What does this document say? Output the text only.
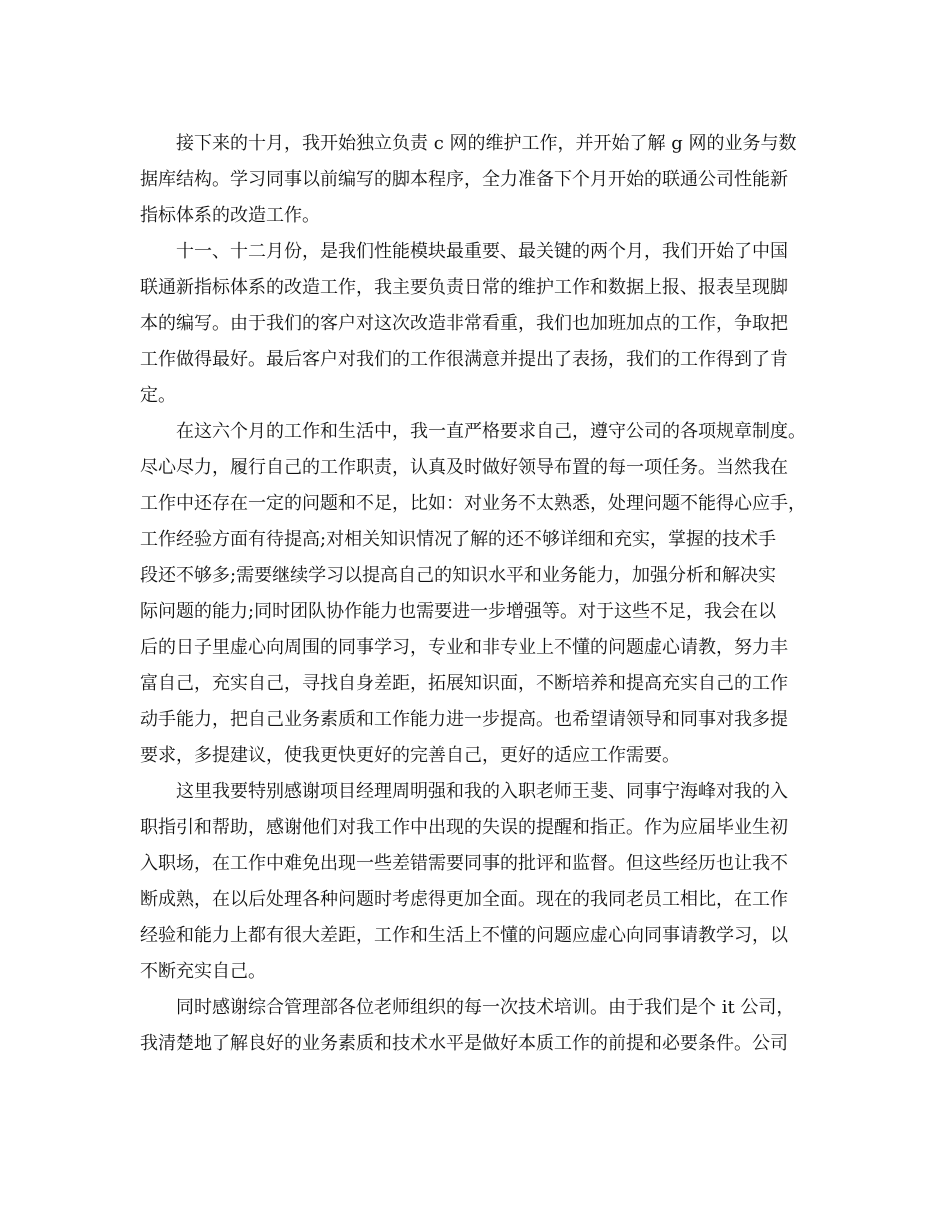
接下来的十月，我开始独立负责 c 网的维护工作，并开始了解 g 网的业务与数
据库结构。学习同事以前编写的脚本程序，全力准备下个月开始的联通公司性能新
指标体系的改造工作。

十一、十二月份，是我们性能模块最重要、最关键的两个月，我们开始了中国
联通新指标体系的改造工作，我主要负责日常的维护工作和数据上报、报表呈现脚
本的编写。由于我们的客户对这次改造非常看重，我们也加班加点的工作，争取把
工作做得最好。最后客户对我们的工作很满意并提出了表扬，我们的工作得到了肯
定。

在这六个月的工作和生活中，我一直严格要求自己，遵守公司的各项规章制度。
尽心尽力，履行自己的工作职责，认真及时做好领导布置的每一项任务。当然我在
工作中还存在一定的问题和不足，比如：对业务不太熟悉，处理问题不能得心应手，
工作经验方面有待提高;对相关知识情况了解的还不够详细和充实，掌握的技术手
段还不够多;需要继续学习以提高自己的知识水平和业务能力，加强分析和解决实
际问题的能力;同时团队协作能力也需要进一步增强等。对于这些不足，我会在以
后的日子里虚心向周围的同事学习，专业和非专业上不懂的问题虚心请教，努力丰
富自己，充实自己，寻找自身差距，拓展知识面，不断培养和提高充实自己的工作
动手能力，把自己业务素质和工作能力进一步提高。也希望请领导和同事对我多提
要求，多提建议，使我更快更好的完善自己，更好的适应工作需要。

这里我要特别感谢项目经理周明强和我的入职老师王斐、同事宁海峰对我的入
职指引和帮助，感谢他们对我工作中出现的失误的提醒和指正。作为应届毕业生初
入职场，在工作中难免出现一些差错需要同事的批评和监督。但这些经历也让我不
断成熟，在以后处理各种问题时考虑得更加全面。现在的我同老员工相比，在工作
经验和能力上都有很大差距，工作和生活上不懂的问题应虚心向同事请教学习，以
不断充实自己。

同时感谢综合管理部各位老师组织的每一次技术培训。由于我们是个 it 公司，
我清楚地了解良好的业务素质和技术水平是做好本质工作的前提和必要条件。公司
